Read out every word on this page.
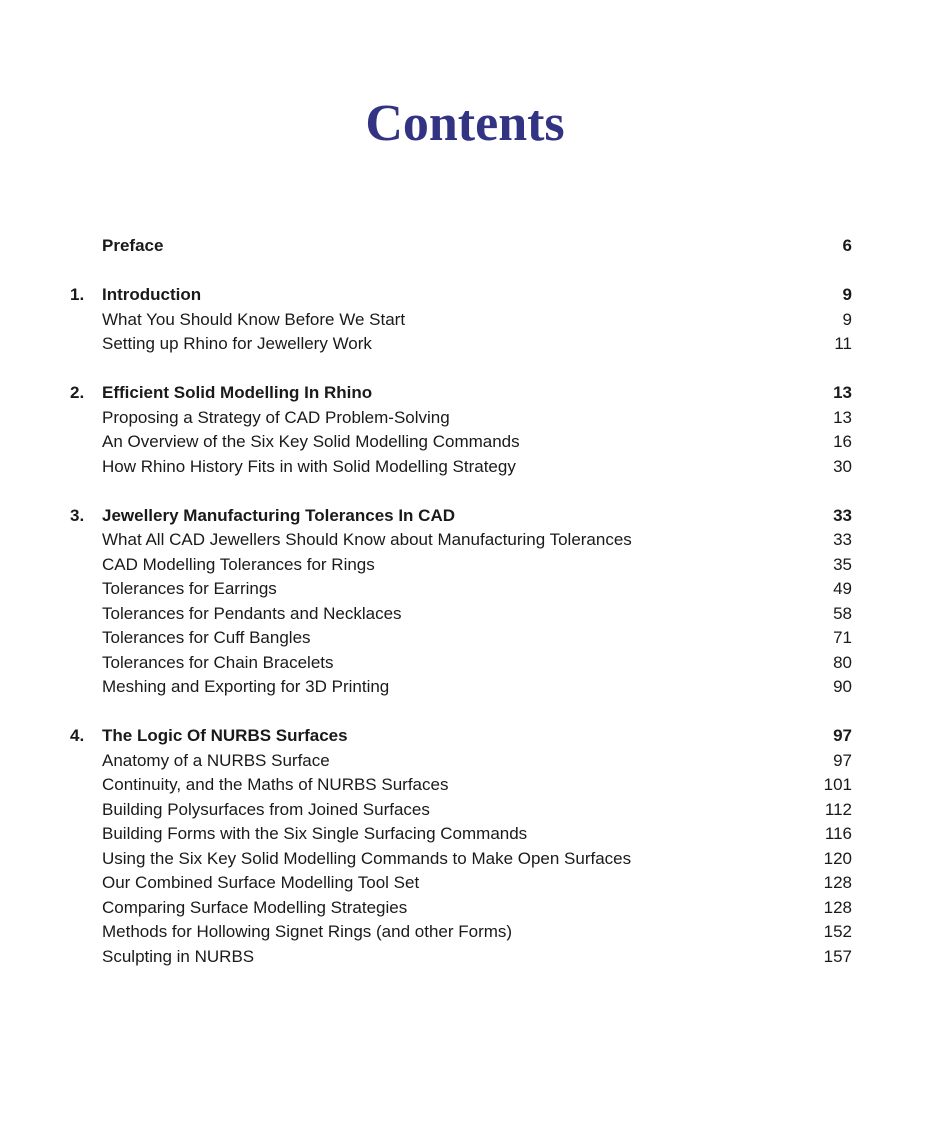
Contents
Preface	6
1.	Introduction	9
What You Should Know Before We Start	9
Setting up Rhino for Jewellery Work	11
2.	Efficient Solid Modelling In Rhino	13
Proposing a Strategy of CAD Problem-Solving	13
An Overview of the Six Key Solid Modelling Commands	16
How Rhino History Fits in with Solid Modelling Strategy	30
3.	Jewellery Manufacturing Tolerances In CAD	33
What All CAD Jewellers Should Know about Manufacturing Tolerances	33
CAD Modelling Tolerances for Rings	35
Tolerances for Earrings	49
Tolerances for Pendants and Necklaces	58
Tolerances for Cuff Bangles	71
Tolerances for Chain Bracelets	80
Meshing and Exporting for 3D Printing	90
4.	The Logic Of NURBS Surfaces	97
Anatomy of a NURBS Surface	97
Continuity, and the Maths of NURBS Surfaces	101
Building Polysurfaces from Joined Surfaces	112
Building Forms with the Six Single Surfacing Commands	116
Using the Six Key Solid Modelling Commands to Make Open Surfaces	120
Our Combined Surface Modelling Tool Set	128
Comparing Surface Modelling Strategies	128
Methods for Hollowing Signet Rings (and other Forms)	152
Sculpting in NURBS	157
